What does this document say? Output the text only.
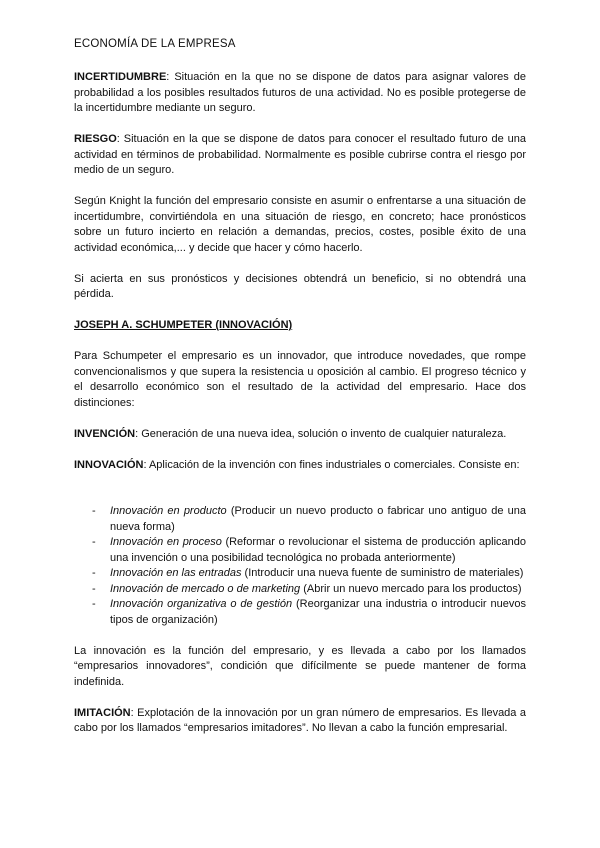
ECONOMÍA DE LA EMPRESA

INCERTIDUMBRE: Situación en la que no se dispone de datos para asignar valores de probabilidad a los posibles resultados futuros de una actividad. No es posible protegerse de la incertidumbre mediante un seguro.

RIESGO: Situación en la que se dispone de datos para conocer el resultado futuro de una actividad en términos de probabilidad. Normalmente es posible cubrirse contra el riesgo por medio de un seguro.

Según Knight la función del empresario consiste en asumir o enfrentarse a una situación de incertidumbre, convirtiéndola en una situación de riesgo, en concreto; hace pronósticos sobre un futuro incierto en relación a demandas, precios, costes, posible éxito de una actividad económica,... y decide que hacer y cómo hacerlo.

Si acierta en sus pronósticos y decisiones obtendrá un beneficio, si no obtendrá una pérdida.

JOSEPH A. SCHUMPETER (INNOVACIÓN)

Para Schumpeter el empresario es un innovador, que introduce novedades, que rompe convencionalismos y que supera la resistencia u oposición al cambio. El progreso técnico y el desarrollo económico son el resultado de la actividad del empresario. Hace dos distinciones:

INVENCIÓN: Generación de una nueva idea, solución o invento de cualquier naturaleza.

INNOVACIÓN: Aplicación de la invención con fines industriales o comerciales. Consiste en:

- Innovación en producto (Producir un nuevo producto o fabricar uno antiguo de una nueva forma)
- Innovación en proceso (Reformar o revolucionar el sistema de producción aplicando una invención o una posibilidad tecnológica no probada anteriormente)
- Innovación en las entradas (Introducir una nueva fuente de suministro de materiales)
- Innovación de mercado o de marketing (Abrir un nuevo mercado para los productos)
- Innovación organizativa o de gestión (Reorganizar una industria o introducir nuevos tipos de organización)

La innovación es la función del empresario, y es llevada a cabo por los llamados “empresarios innovadores”, condición que difícilmente se puede mantener de forma indefinida.

IMITACIÓN: Explotación de la innovación por un gran número de empresarios. Es llevada a cabo por los llamados “empresarios imitadores”. No llevan a cabo la función empresarial.
